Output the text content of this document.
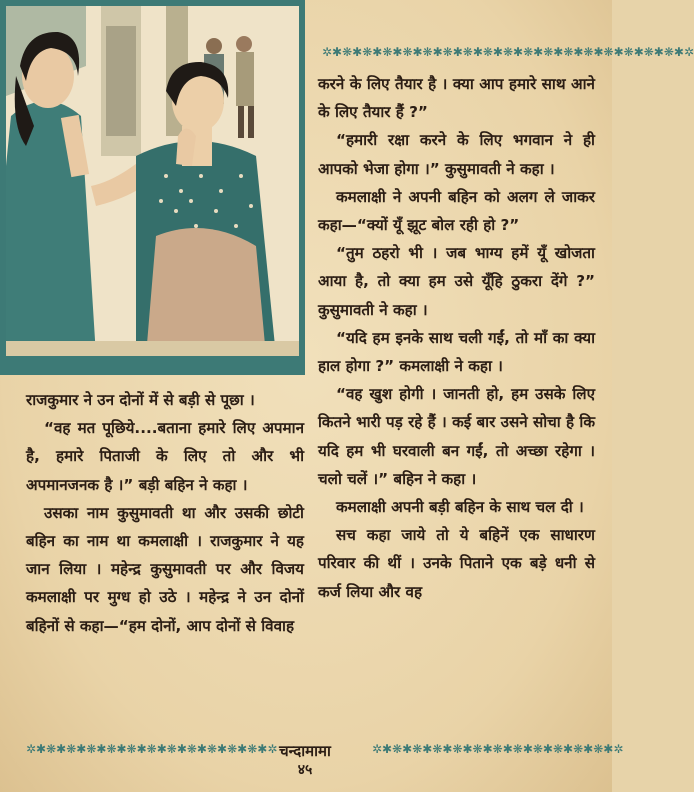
✲✱❋✱❋✱❋✱❋✱❋✱❋✱❋✱❋✱❋✱❋✱❋✱❋✱❋✱❋✱❋✱❋✱❋✱✲

करने के लिए तैयार है । क्या आप हमारे साथ आने के लिए तैयार हैं ?”

“हमारी रक्षा करने के लिए भगवान ने ही आपको भेजा होगा ।” कुसुमावती ने कहा ।

कमलाक्षी ने अपनी बहिन को अलग ले जाकर कहा—“क्यों यूँ झूट बोल रही हो ?”

“तुम ठहरो भी । जब भाग्य हमें यूँ खोजता आया है, तो क्या हम उसे यूँहि ठुकरा देंगे ?” कुसुमावती ने कहा ।

“यदि हम इनके साथ चली गईं, तो माँ का क्या हाल होगा ?” कमलाक्षी ने कहा ।

“वह खुश होगी । जानती हो, हम उसके लिए कितने भारी पड़ रहे हैं । कई बार उसने सोचा है कि यदि हम भी घरवाली बन गईं, तो अच्छा रहेगा । चलो चलें ।” बहिन ने कहा ।

कमलाक्षी अपनी बड़ी बहिन के साथ चल दी ।

सच कहा जाये तो ये बहिनें एक साधारण परिवार की थीं । उनके पिताने एक बड़े धनी से कर्ज लिया और वह

राजकुमार ने उन दोनों में से बड़ी से पूछा ।

“वह मत पूछिये....बताना हमारे लिए अपमान है, हमारे पिताजी के लिए तो और भी अपमानजनक है ।” बड़ी बहिन ने कहा ।

उसका नाम कुसुमावती था और उसकी छोटी बहिन का नाम था कमलाक्षी । राजकुमार ने यह जान लिया । महेन्द्र कुसुमावती पर और विजय कमलाक्षी पर मुग्ध हो उठे । महेन्द्र ने उन दोनों बहिनों से कहा—“हम दोनों, आप दोनों से विवाह

✲✱❋✱❋✱❋✱❋✱❋✱❋✱❋✱❋✱❋✱❋✱❋✱✲ चन्दामामा	✲✱❋✱❋✱❋✱❋✱❋✱❋✱❋✱❋✱❋✱❋✱❋✱✲
४५
